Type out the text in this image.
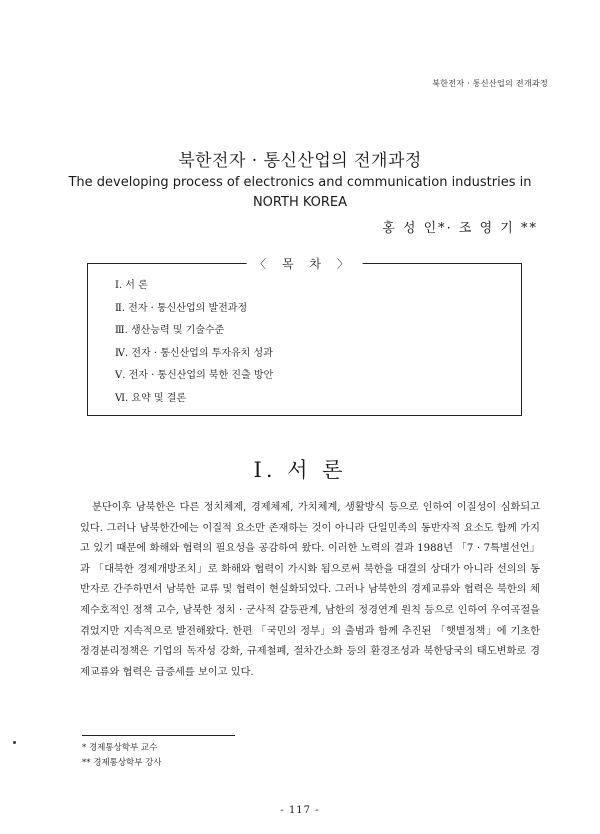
북한전자 · 통신산업의 전개과정
북한전자 · 통신산업의 전개과정
The developing process of electronics and communication industries in
NORTH KOREA
홍 성 인*· 조 영 기 **
〈 목 차 〉
Ⅰ. 서 론
Ⅱ. 전자 · 통신산업의 발전과정
Ⅲ. 생산능력 및 기술수준
Ⅳ. 전자 · 통신산업의 투자유치 성과
Ⅴ. 전자 · 통신산업의 북한 진출 방안
Ⅵ. 요약 및 결론
Ⅰ. 서 론

분단이후 남북한은 다른 정치체제, 경제체제, 가치체계, 생활방식 등으로 인하여 이질성이 심화되고 있다. 그러나 남북한간에는 이질적 요소만 존재하는 것이 아니라 단일민족의 동반자적 요소도 함께 가지고 있기 때문에 화해와 협력의 필요성을 공감하여 왔다. 이러한 노력의 결과 1988년 「7 · 7특별선언」과 「대북한 경제개방조치」로 화해와 협력이 가시화 됨으로써 북한을 대결의 상대가 아니라 선의의 동반자로 간주하면서 남북한 교류 및 협력이 현실화되었다. 그러나 남북한의 경제교류와 협력은 북한의 체제수호적인 정책 고수, 남북한 정치 · 군사적 갈등관계, 남한의 정경연계 원칙 등으로 인하여 우여곡절을 겪었지만 지속적으로 발전해왔다. 한편 「국민의 정부」의 출범과 함께 추진된 「햇볕정책」에 기초한 정경분리정책은 기업의 독자성 강화, 규제철폐, 절차간소화 등의 환경조성과 북한당국의 태도변화로 경제교류와 협력은 급증세를 보이고 있다.

* 경제통상학부 교수
** 경제통상학부 강사
- 117 -
